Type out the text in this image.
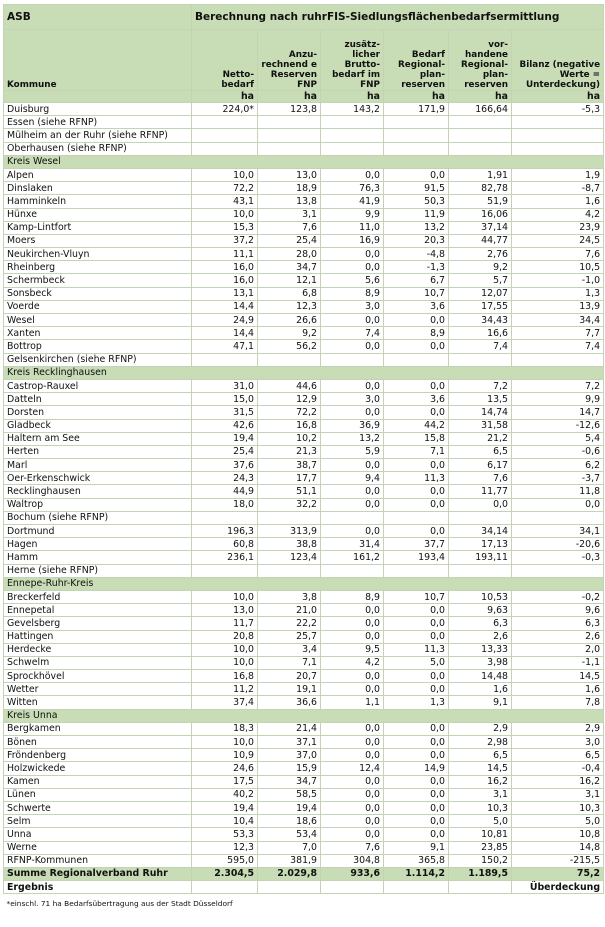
ASB	Berechnung nach ruhrFIS-Siedlungsflächenbedarfsermittlung					
Kommune	Netto-bedarf	Anzu-rechnend e Reserven FNP	zusätz-licher Brutto-bedarf im FNP	Bedarf Regional-plan-reserven	vor-handene Regional-plan-reserven	Bilanz (negative Werte = Unterdeckung)
	ha	ha	ha	ha	ha	ha
Duisburg	224,0*	123,8	143,2	171,9	166,64	-5,3
Essen (siehe RFNP)						
Mülheim an der Ruhr (siehe RFNP)						
Oberhausen (siehe RFNP)						
Kreis Wesel						
Alpen	10,0	13,0	0,0	0,0	1,91	1,9
Dinslaken	72,2	18,9	76,3	91,5	82,78	-8,7
Hamminkeln	43,1	13,8	41,9	50,3	51,9	1,6
Hünxe	10,0	3,1	9,9	11,9	16,06	4,2
Kamp-Lintfort	15,3	7,6	11,0	13,2	37,14	23,9
Moers	37,2	25,4	16,9	20,3	44,77	24,5
Neukirchen-Vluyn	11,1	28,0	0,0	-4,8	2,76	7,6
Rheinberg	16,0	34,7	0,0	-1,3	9,2	10,5
Schermbeck	16,0	12,1	5,6	6,7	5,7	-1,0
Sonsbeck	13,1	6,8	8,9	10,7	12,07	1,3
Voerde	14,4	12,3	3,0	3,6	17,55	13,9
Wesel	24,9	26,6	0,0	0,0	34,43	34,4
Xanten	14,4	9,2	7,4	8,9	16,6	7,7
Bottrop	47,1	56,2	0,0	0,0	7,4	7,4
Gelsenkirchen (siehe RFNP)						
Kreis Recklinghausen						
Castrop-Rauxel	31,0	44,6	0,0	0,0	7,2	7,2
Datteln	15,0	12,9	3,0	3,6	13,5	9,9
Dorsten	31,5	72,2	0,0	0,0	14,74	14,7
Gladbeck	42,6	16,8	36,9	44,2	31,58	-12,6
Haltern am See	19,4	10,2	13,2	15,8	21,2	5,4
Herten	25,4	21,3	5,9	7,1	6,5	-0,6
Marl	37,6	38,7	0,0	0,0	6,17	6,2
Oer-Erkenschwick	24,3	17,7	9,4	11,3	7,6	-3,7
Recklinghausen	44,9	51,1	0,0	0,0	11,77	11,8
Waltrop	18,0	32,2	0,0	0,0	0,0	0,0
Bochum (siehe RFNP)						
Dortmund	196,3	313,9	0,0	0,0	34,14	34,1
Hagen	60,8	38,8	31,4	37,7	17,13	-20,6
Hamm	236,1	123,4	161,2	193,4	193,11	-0,3
Herne (siehe RFNP)						
Ennepe-Ruhr-Kreis						
Breckerfeld	10,0	3,8	8,9	10,7	10,53	-0,2
Ennepetal	13,0	21,0	0,0	0,0	9,63	9,6
Gevelsberg	11,7	22,2	0,0	0,0	6,3	6,3
Hattingen	20,8	25,7	0,0	0,0	2,6	2,6
Herdecke	10,0	3,4	9,5	11,3	13,33	2,0
Schwelm	10,0	7,1	4,2	5,0	3,98	-1,1
Sprockhövel	16,8	20,7	0,0	0,0	14,48	14,5
Wetter	11,2	19,1	0,0	0,0	1,6	1,6
Witten	37,4	36,6	1,1	1,3	9,1	7,8
Kreis Unna						
Bergkamen	18,3	21,4	0,0	0,0	2,9	2,9
Bönen	10,0	37,1	0,0	0,0	2,98	3,0
Fröndenberg	10,9	37,0	0,0	0,0	6,5	6,5
Holzwickede	24,6	15,9	12,4	14,9	14,5	-0,4
Kamen	17,5	34,7	0,0	0,0	16,2	16,2
Lünen	40,2	58,5	0,0	0,0	3,1	3,1
Schwerte	19,4	19,4	0,0	0,0	10,3	10,3
Selm	10,4	18,6	0,0	0,0	5,0	5,0
Unna	53,3	53,4	0,0	0,0	10,81	10,8
Werne	12,3	7,0	7,6	9,1	23,85	14,8
RFNP-Kommunen	595,0	381,9	304,8	365,8	150,2	-215,5
Summe Regionalverband Ruhr	2.304,5	2.029,8	933,6	1.114,2	1.189,5	75,2
Ergebnis						Überdeckung
*einschl. 71 ha Bedarfsübertragung aus der Stadt Düsseldorf						
